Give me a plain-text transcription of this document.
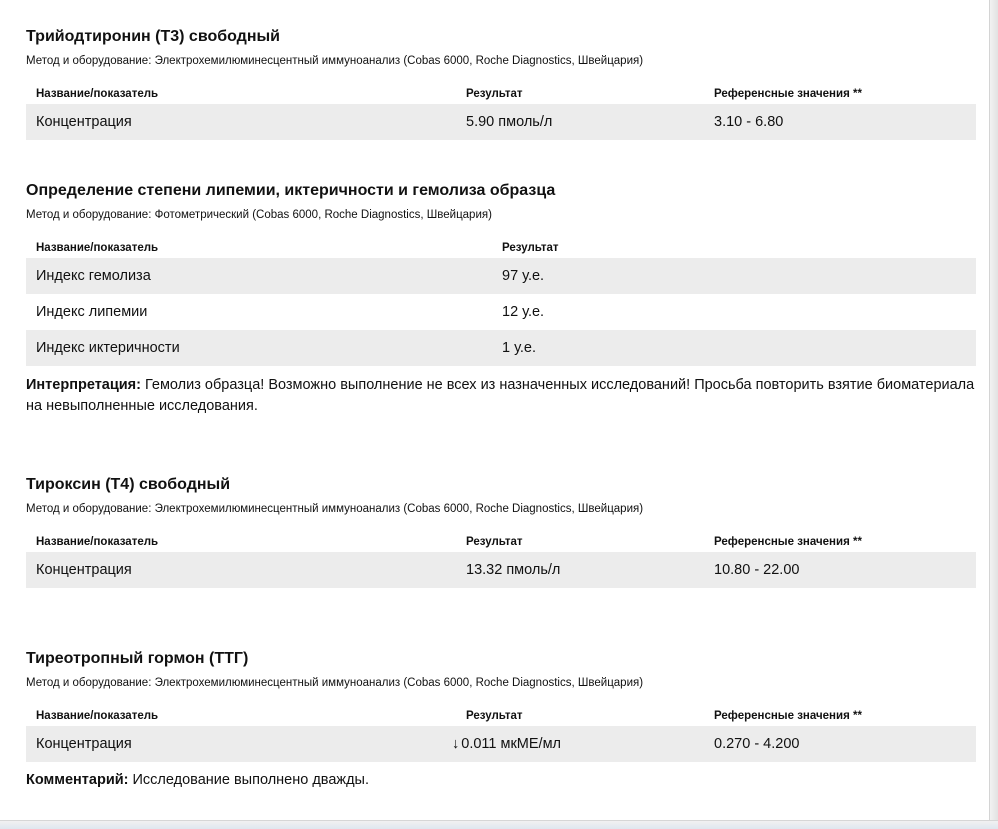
Трийодтиронин (Т3) свободный
Метод и оборудование: Электрохемилюминесцентный иммуноанализ (Cobas 6000, Roche Diagnostics, Швейцария)
Название/показатель	Результат	Референсные значения **
Концентрация	5.90 пмоль/л	3.10 - 6.80
Определение степени липемии, иктеричности и гемолиза образца
Метод и оборудование: Фотометрический (Cobas 6000, Roche Diagnostics, Швейцария)
Название/показатель	Результат
Индекс гемолиза	97 у.е.
Индекс липемии	12 у.е.
Индекс иктеричности	1 у.е.
Интерпретация: Гемолиз образца! Возможно выполнение не всех из назначенных исследований! Просьба повторить взятие биоматериала на невыполненные исследования.
Тироксин (Т4) свободный
Метод и оборудование: Электрохемилюминесцентный иммуноанализ (Cobas 6000, Roche Diagnostics, Швейцария)
Название/показатель	Результат	Референсные значения **
Концентрация	13.32 пмоль/л	10.80 - 22.00
Тиреотропный гормон (ТТГ)
Метод и оборудование: Электрохемилюминесцентный иммуноанализ (Cobas 6000, Roche Diagnostics, Швейцария)
Название/показатель	Результат	Референсные значения **
Концентрация	↓ 0.011 мкМЕ/мл	0.270 - 4.200
Комментарий: Исследование выполнено дважды.
